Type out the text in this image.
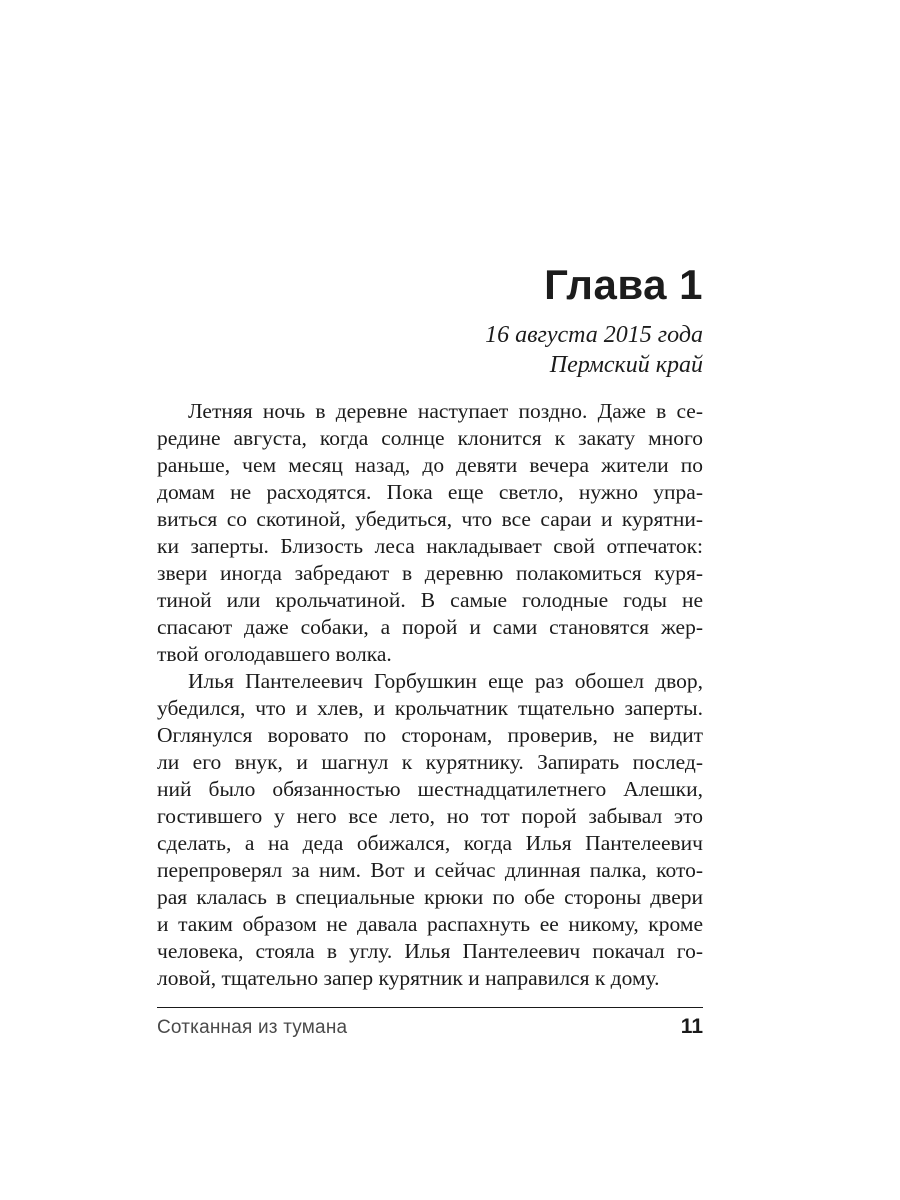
Глава 1
16 августа 2015 года
Пермский край

Летняя ночь в деревне наступает поздно. Даже в се-
редине августа, когда солнце клонится к закату много
раньше, чем месяц назад, до девяти вечера жители по
домам не расходятся. Пока еще светло, нужно упра-
виться со скотиной, убедиться, что все сараи и курятни-
ки заперты. Близость леса накладывает свой отпечаток:
звери иногда забредают в деревню полакомиться куря-
тиной или крольчатиной. В самые голодные годы не
спасают даже собаки, а порой и сами становятся жер-
твой оголодавшего волка.

Илья Пантелеевич Горбушкин еще раз обошел двор,
убедился, что и хлев, и крольчатник тщательно заперты.
Оглянулся воровато по сторонам, проверив, не видит
ли его внук, и шагнул к курятнику. Запирать послед-
ний было обязанностью шестнадцатилетнего Алешки,
гостившего у него все лето, но тот порой забывал это
сделать, а на деда обижался, когда Илья Пантелеевич
перепроверял за ним. Вот и сейчас длинная палка, кото-
рая клалась в специальные крюки по обе стороны двери
и таким образом не давала распахнуть ее никому, кроме
человека, стояла в углу. Илья Пантелеевич покачал го-
ловой, тщательно запер курятник и направился к дому.

Сотканная из тумана	11
